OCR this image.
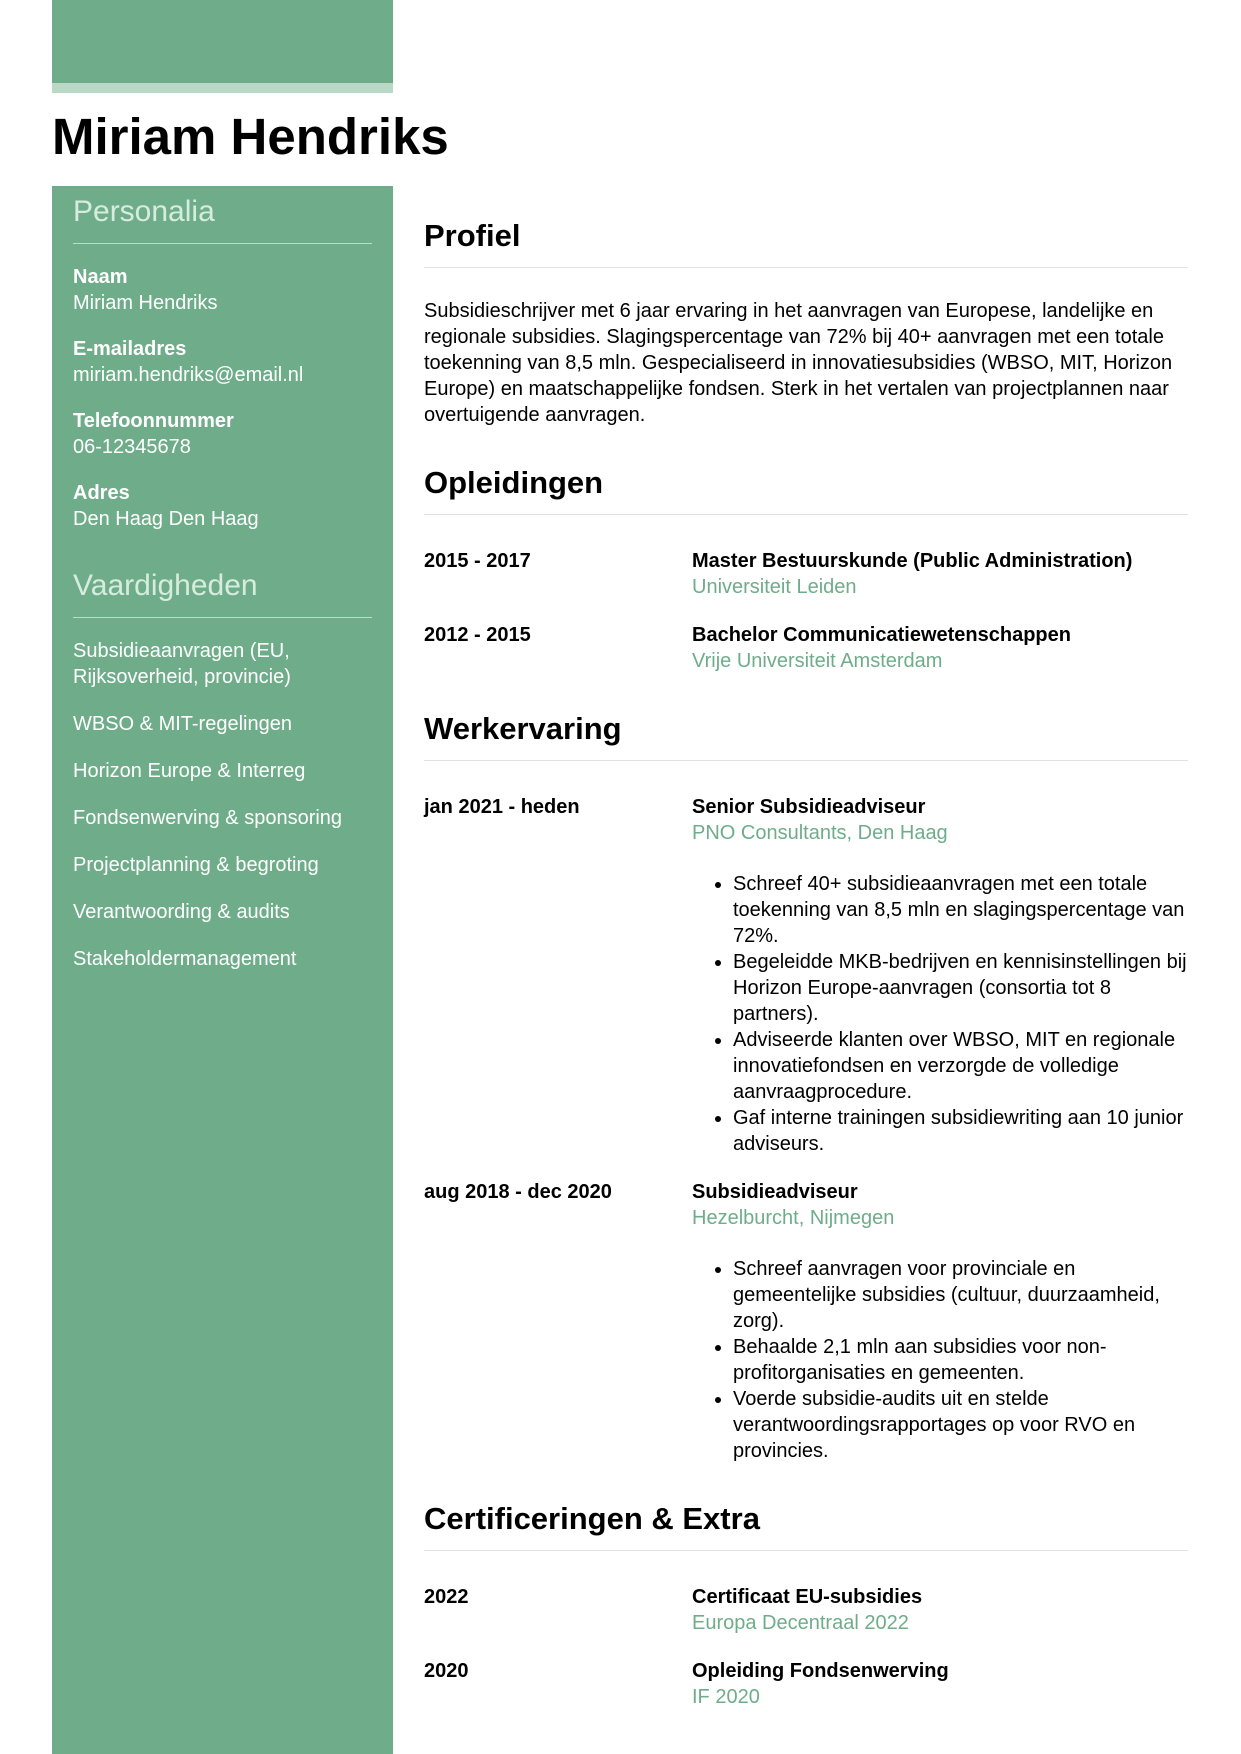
Miriam Hendriks
Personalia
Naam
Miriam Hendriks
E-mailadres
miriam.hendriks@email.nl
Telefoonnummer
06-12345678
Adres
Den Haag Den Haag
Vaardigheden
Subsidieaanvragen (EU, Rijksoverheid, provincie)
WBSO & MIT-regelingen
Horizon Europe & Interreg
Fondsenwerving & sponsoring
Projectplanning & begroting
Verantwoording & audits
Stakeholdermanagement
Profiel

Subsidieschrijver met 6 jaar ervaring in het aanvragen van Europese, landelijke en regionale subsidies. Slagingspercentage van 72% bij 40+ aanvragen met een totale toekenning van 8,5 mln. Gespecialiseerd in innovatiesubsidies (WBSO, MIT, Horizon Europe) en maatschappelijke fondsen. Sterk in het vertalen van projectplannen naar overtuigende aanvragen.

Opleidingen
2015 - 2017	Master Bestuurskunde (Public Administration)
Universiteit Leiden
2012 - 2015	Bachelor Communicatiewetenschappen
Vrije Universiteit Amsterdam
Werkervaring
jan 2021 - heden	Senior Subsidieadviseur
PNO Consultants, Den Haag
• Schreef 40+ subsidieaanvragen met een totale toekenning van 8,5 mln en slagingspercentage van 72%.
• Begeleidde MKB-bedrijven en kennisinstellingen bij Horizon Europe-aanvragen (consortia tot 8 partners).
• Adviseerde klanten over WBSO, MIT en regionale innovatiefondsen en verzorgde de volledige aanvraagprocedure.
• Gaf interne trainingen subsidiewriting aan 10 junior adviseurs.
aug 2018 - dec 2020	Subsidieadviseur
Hezelburcht, Nijmegen
• Schreef aanvragen voor provinciale en gemeentelijke subsidies (cultuur, duurzaamheid, zorg).
• Behaalde 2,1 mln aan subsidies voor non-profitorganisaties en gemeenten.
• Voerde subsidie-audits uit en stelde verantwoordingsrapportages op voor RVO en provincies.
Certificeringen & Extra
2022	Certificaat EU-subsidies
Europa Decentraal 2022
2020	Opleiding Fondsenwerving
IF 2020
